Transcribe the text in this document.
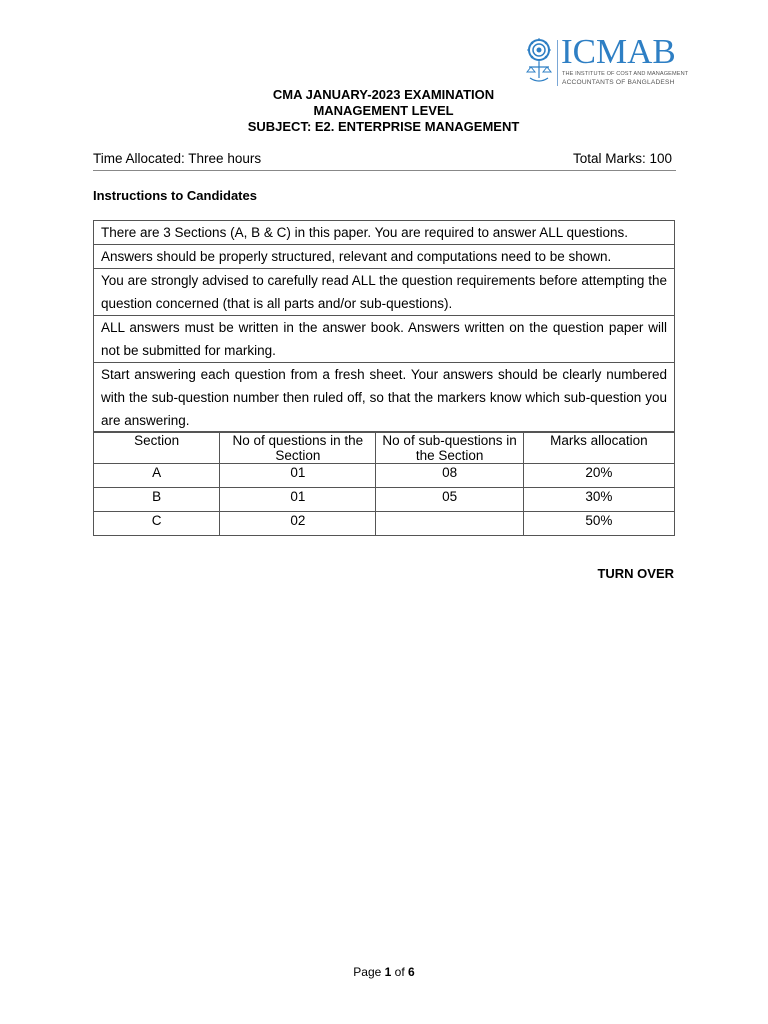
ICMAB
THE INSTITUTE OF COST AND MANAGEMENT
ACCOUNTANTS OF BANGLADESH
CMA JANUARY-2023 EXAMINATION
MANAGEMENT LEVEL
SUBJECT: E2. ENTERPRISE MANAGEMENT
Time Allocated: Three hours	Total Marks: 100
Instructions to Candidates
There are 3 Sections (A, B & C) in this paper. You are required to answer ALL questions.
Answers should be properly structured, relevant and computations need to be shown.
You are strongly advised to carefully read ALL the question requirements before attempting the question concerned (that is all parts and/or sub-questions).
ALL answers must be written in the answer book. Answers written on the question paper will not be submitted for marking.
Start answering each question from a fresh sheet. Your answers should be clearly numbered with the sub-question number then ruled off, so that the markers know which sub-question you are answering.
Section	No of questions in the Section	No of sub-questions in the Section	Marks allocation
A	01	08	20%
B	01	05	30%
C	02		50%
TURN OVER
Page 1 of 6
